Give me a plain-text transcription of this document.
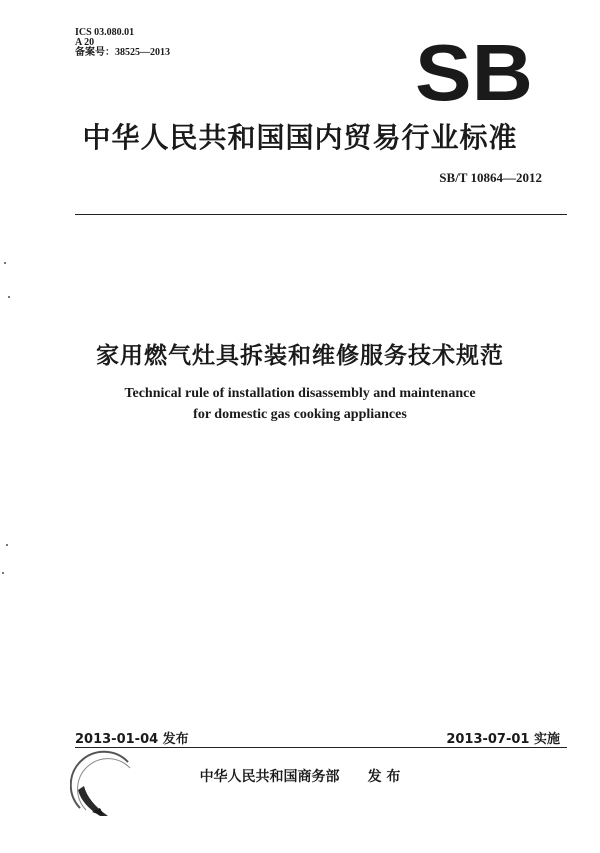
ICS 03.080.01
A 20
备案号：38525—2013	SB
中华人民共和国国内贸易行业标准
SB/T 10864—2012
家用燃气灶具拆装和维修服务技术规范
Technical rule of installation disassembly and maintenance
for domestic gas cooking appliances
2013-01-04 发布	2013-07-01 实施
中华人民共和国商务部 发 布
